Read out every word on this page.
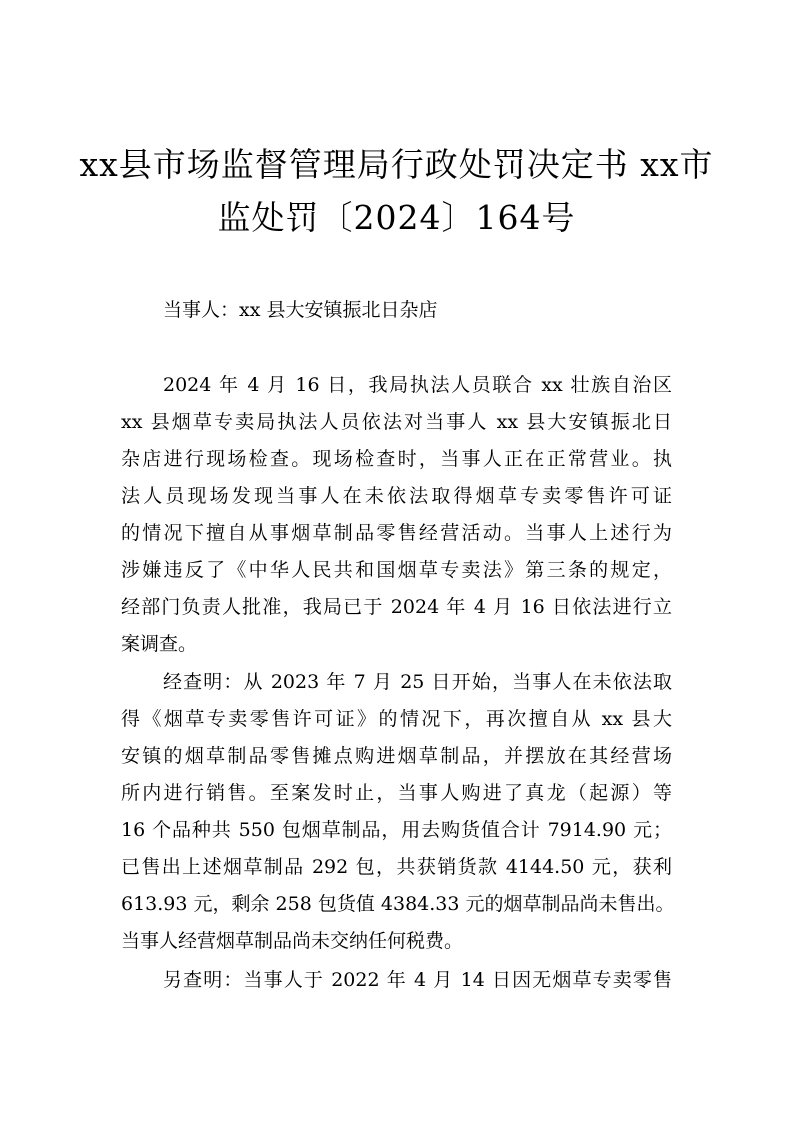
xx县市场监督管理局行政处罚决定书 xx市
监处罚〔2024〕164号
当事人：xx 县大安镇振北日杂店
2024 年 4 月 16 日，我局执法人员联合 xx 壮族自治区
xx 县烟草专卖局执法人员依法对当事人 xx 县大安镇振北日
杂店进行现场检查。现场检查时，当事人正在正常营业。执
法人员现场发现当事人在未依法取得烟草专卖零售许可证
的情况下擅自从事烟草制品零售经营活动。当事人上述行为
涉嫌违反了《中华人民共和国烟草专卖法》第三条的规定，
经部门负责人批准，我局已于 2024 年 4 月 16 日依法进行立
案调查。
经查明：从 2023 年 7 月 25 日开始，当事人在未依法取
得《烟草专卖零售许可证》的情况下，再次擅自从 xx 县大
安镇的烟草制品零售摊点购进烟草制品，并摆放在其经营场
所内进行销售。至案发时止，当事人购进了真龙（起源）等
16 个品种共 550 包烟草制品，用去购货值合计 7914.90 元；
已售出上述烟草制品 292 包，共获销货款 4144.50 元，获利
613.93 元，剩余 258 包货值 4384.33 元的烟草制品尚未售出。
当事人经营烟草制品尚未交纳任何税费。
另查明：当事人于 2022 年 4 月 14 日因无烟草专卖零售
